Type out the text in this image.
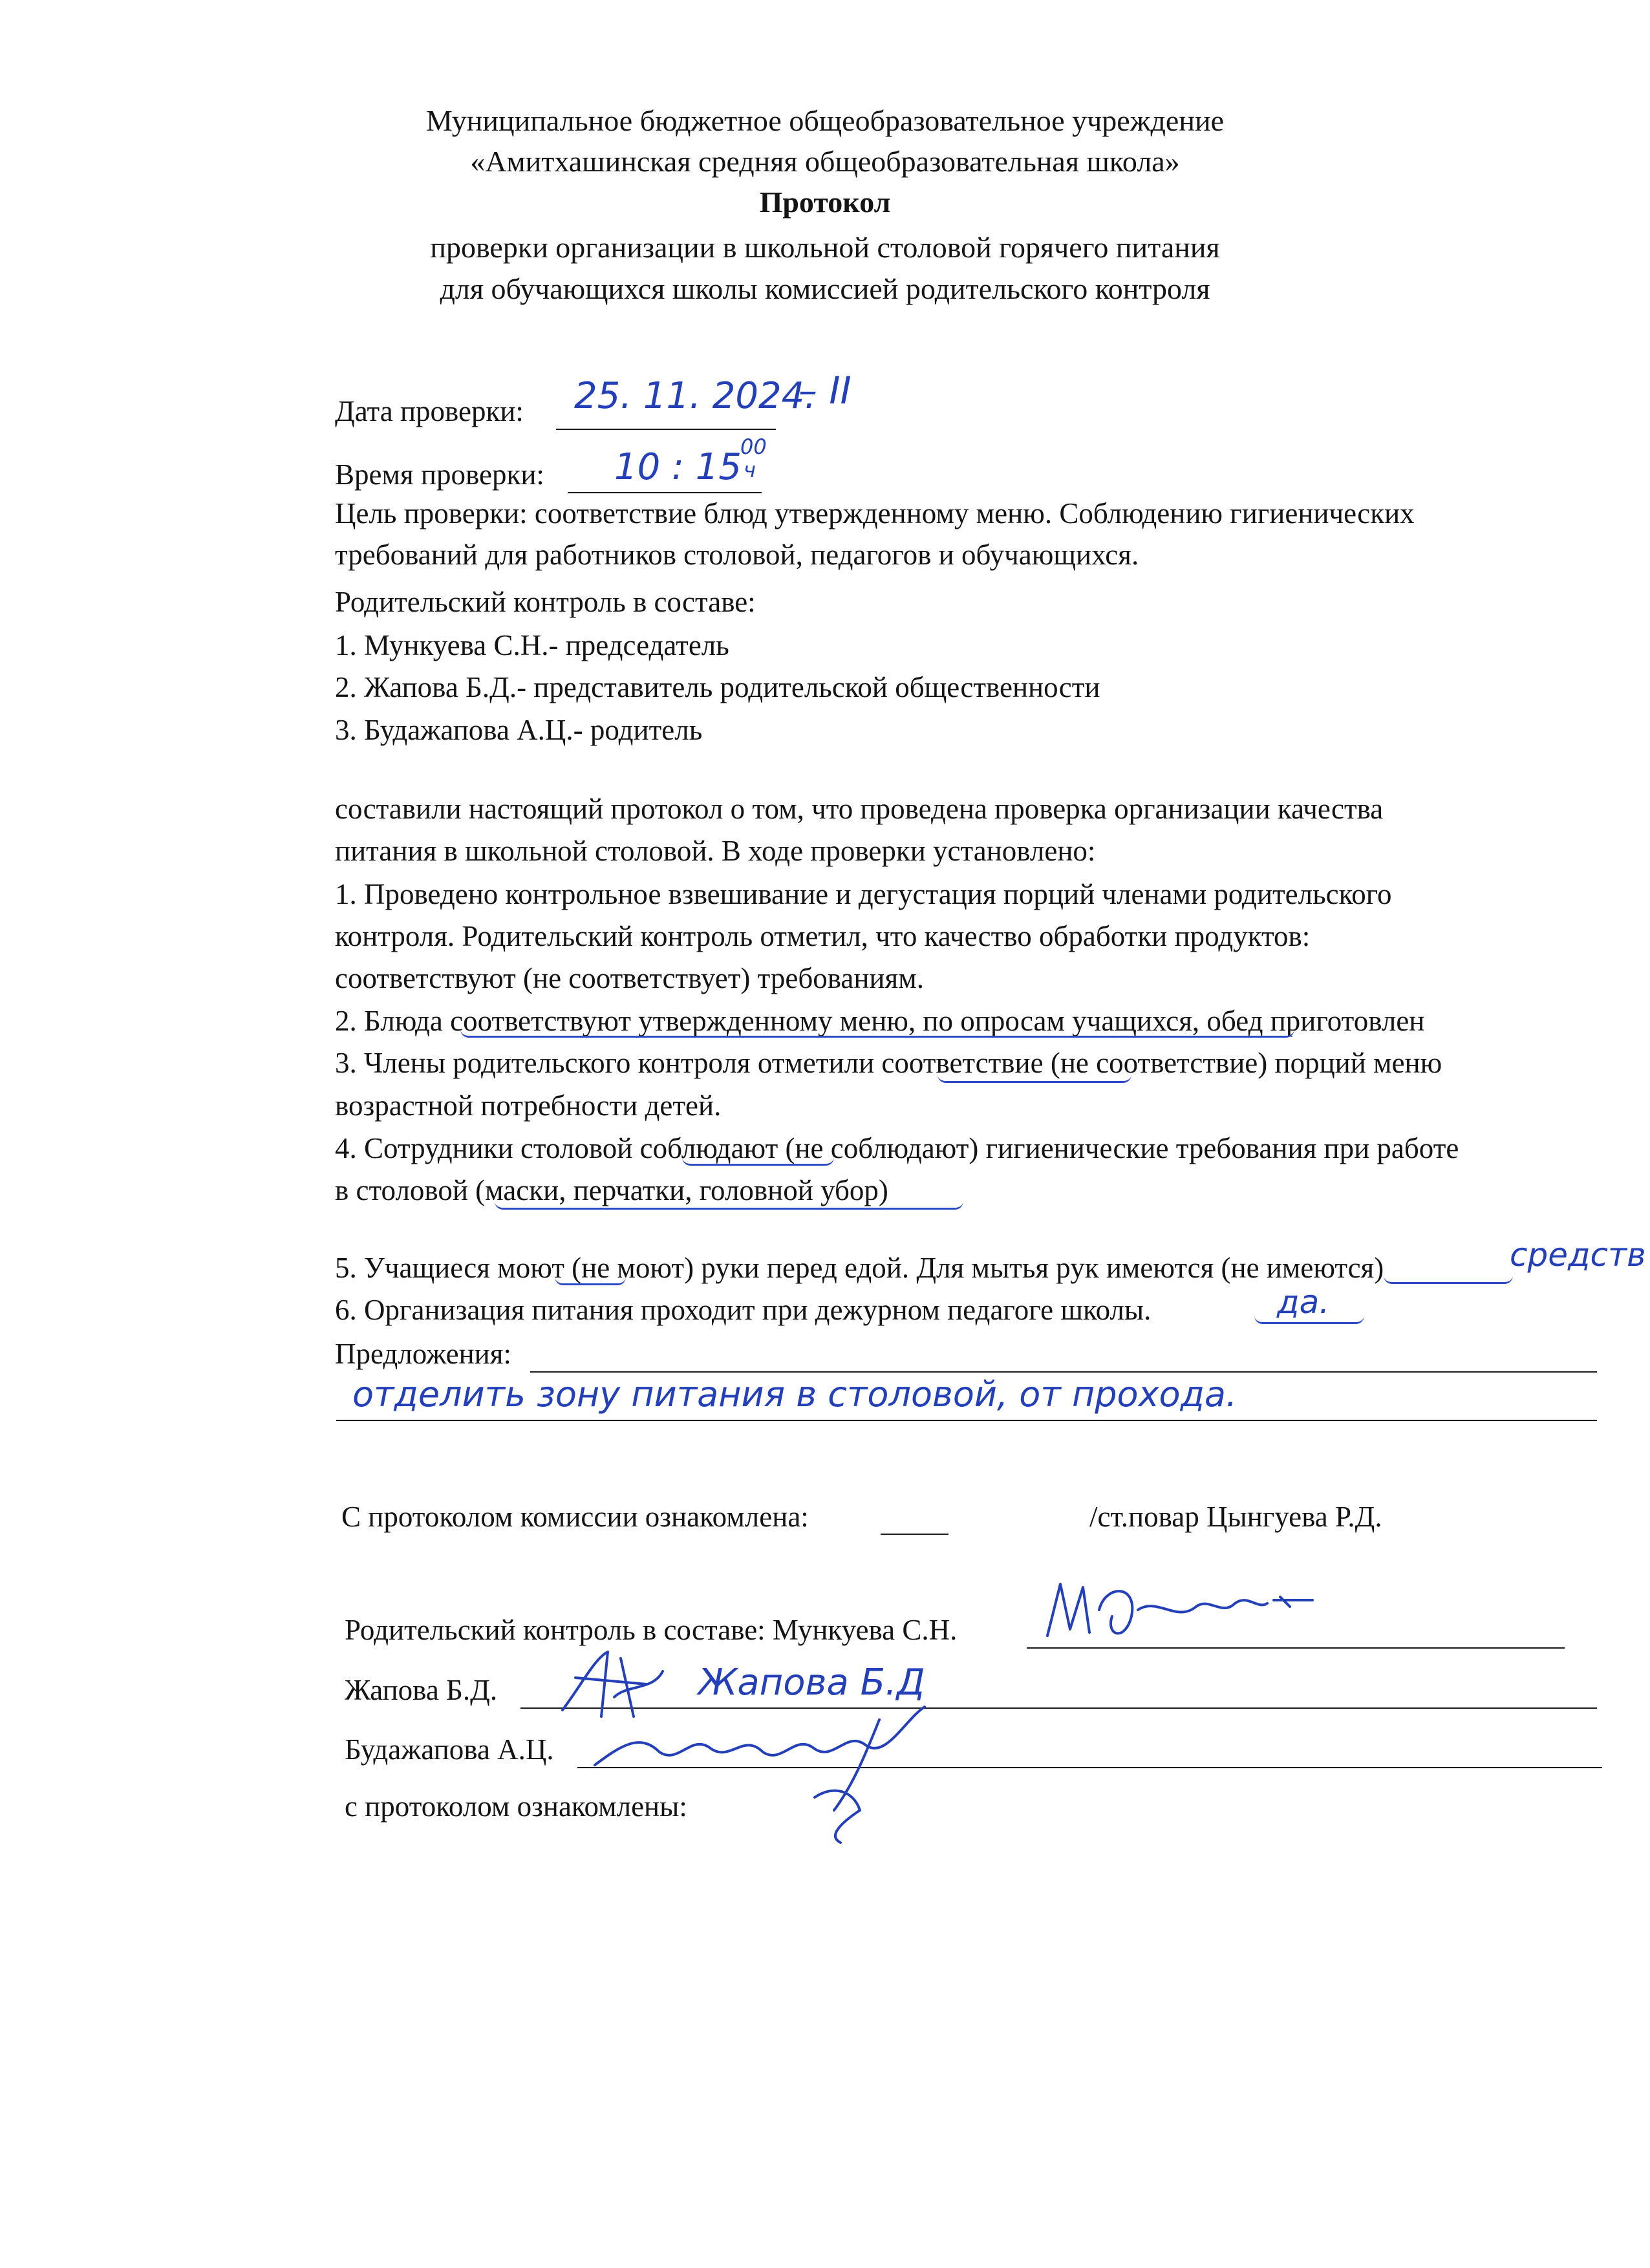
Муниципальное бюджетное общеобразовательное учреждение
«Амитхашинская средняя общеобразовательная школа»
Протокол
проверки организации в школьной столовой горячего питания
для обучающихся школы комиссией родительского контроля
Дата проверки: 25. 11. 2024.
– II
Время проверки: 10 : 15
00
ч
Цель проверки: соответствие блюд утвержденному меню. Соблюдению гигиенических
требований для работников столовой, педагогов и обучающихся.
Родительский контроль в составе:
1. Мункуева С.Н.- председатель
2. Жапова Б.Д.- представитель родительской общественности
3. Будажапова А.Ц.- родитель
составили настоящий протокол о том, что проведена проверка организации качества
питания в школьной столовой. В ходе проверки установлено:
1. Проведено контрольное взвешивание и дегустация порций членами родительского
контроля. Родительский контроль отметил, что качество обработки продуктов:
соответствуют (не соответствует) требованиям.
2. Блюда соответствуют утвержденному меню, по опросам учащихся, обед приготовлен
3. Члены родительского контроля отметили соответствие (не соответствие) порций меню
возрастной потребности детей.
4. Сотрудники столовой соблюдают (не соблюдают) гигиенические требования при работе
в столовой (маски, перчатки, головной убор)
5. Учащиеся моют (не моют) руки перед едой. Для мытья рук имеются (не имеются)	средств
6. Организация питания проходит при дежурном педагоге школы.	да.
Предложения:
отделить зону питания в столовой, от прохода.
С протоколом комиссии ознакомлена:	/ст.повар Цынгуева Р.Д.
Родительский контроль в составе: Мункуева С.Н.
Жапова Б.Д.	Жапова Б.Д
Будажапова А.Ц.
с протоколом ознакомлены:
